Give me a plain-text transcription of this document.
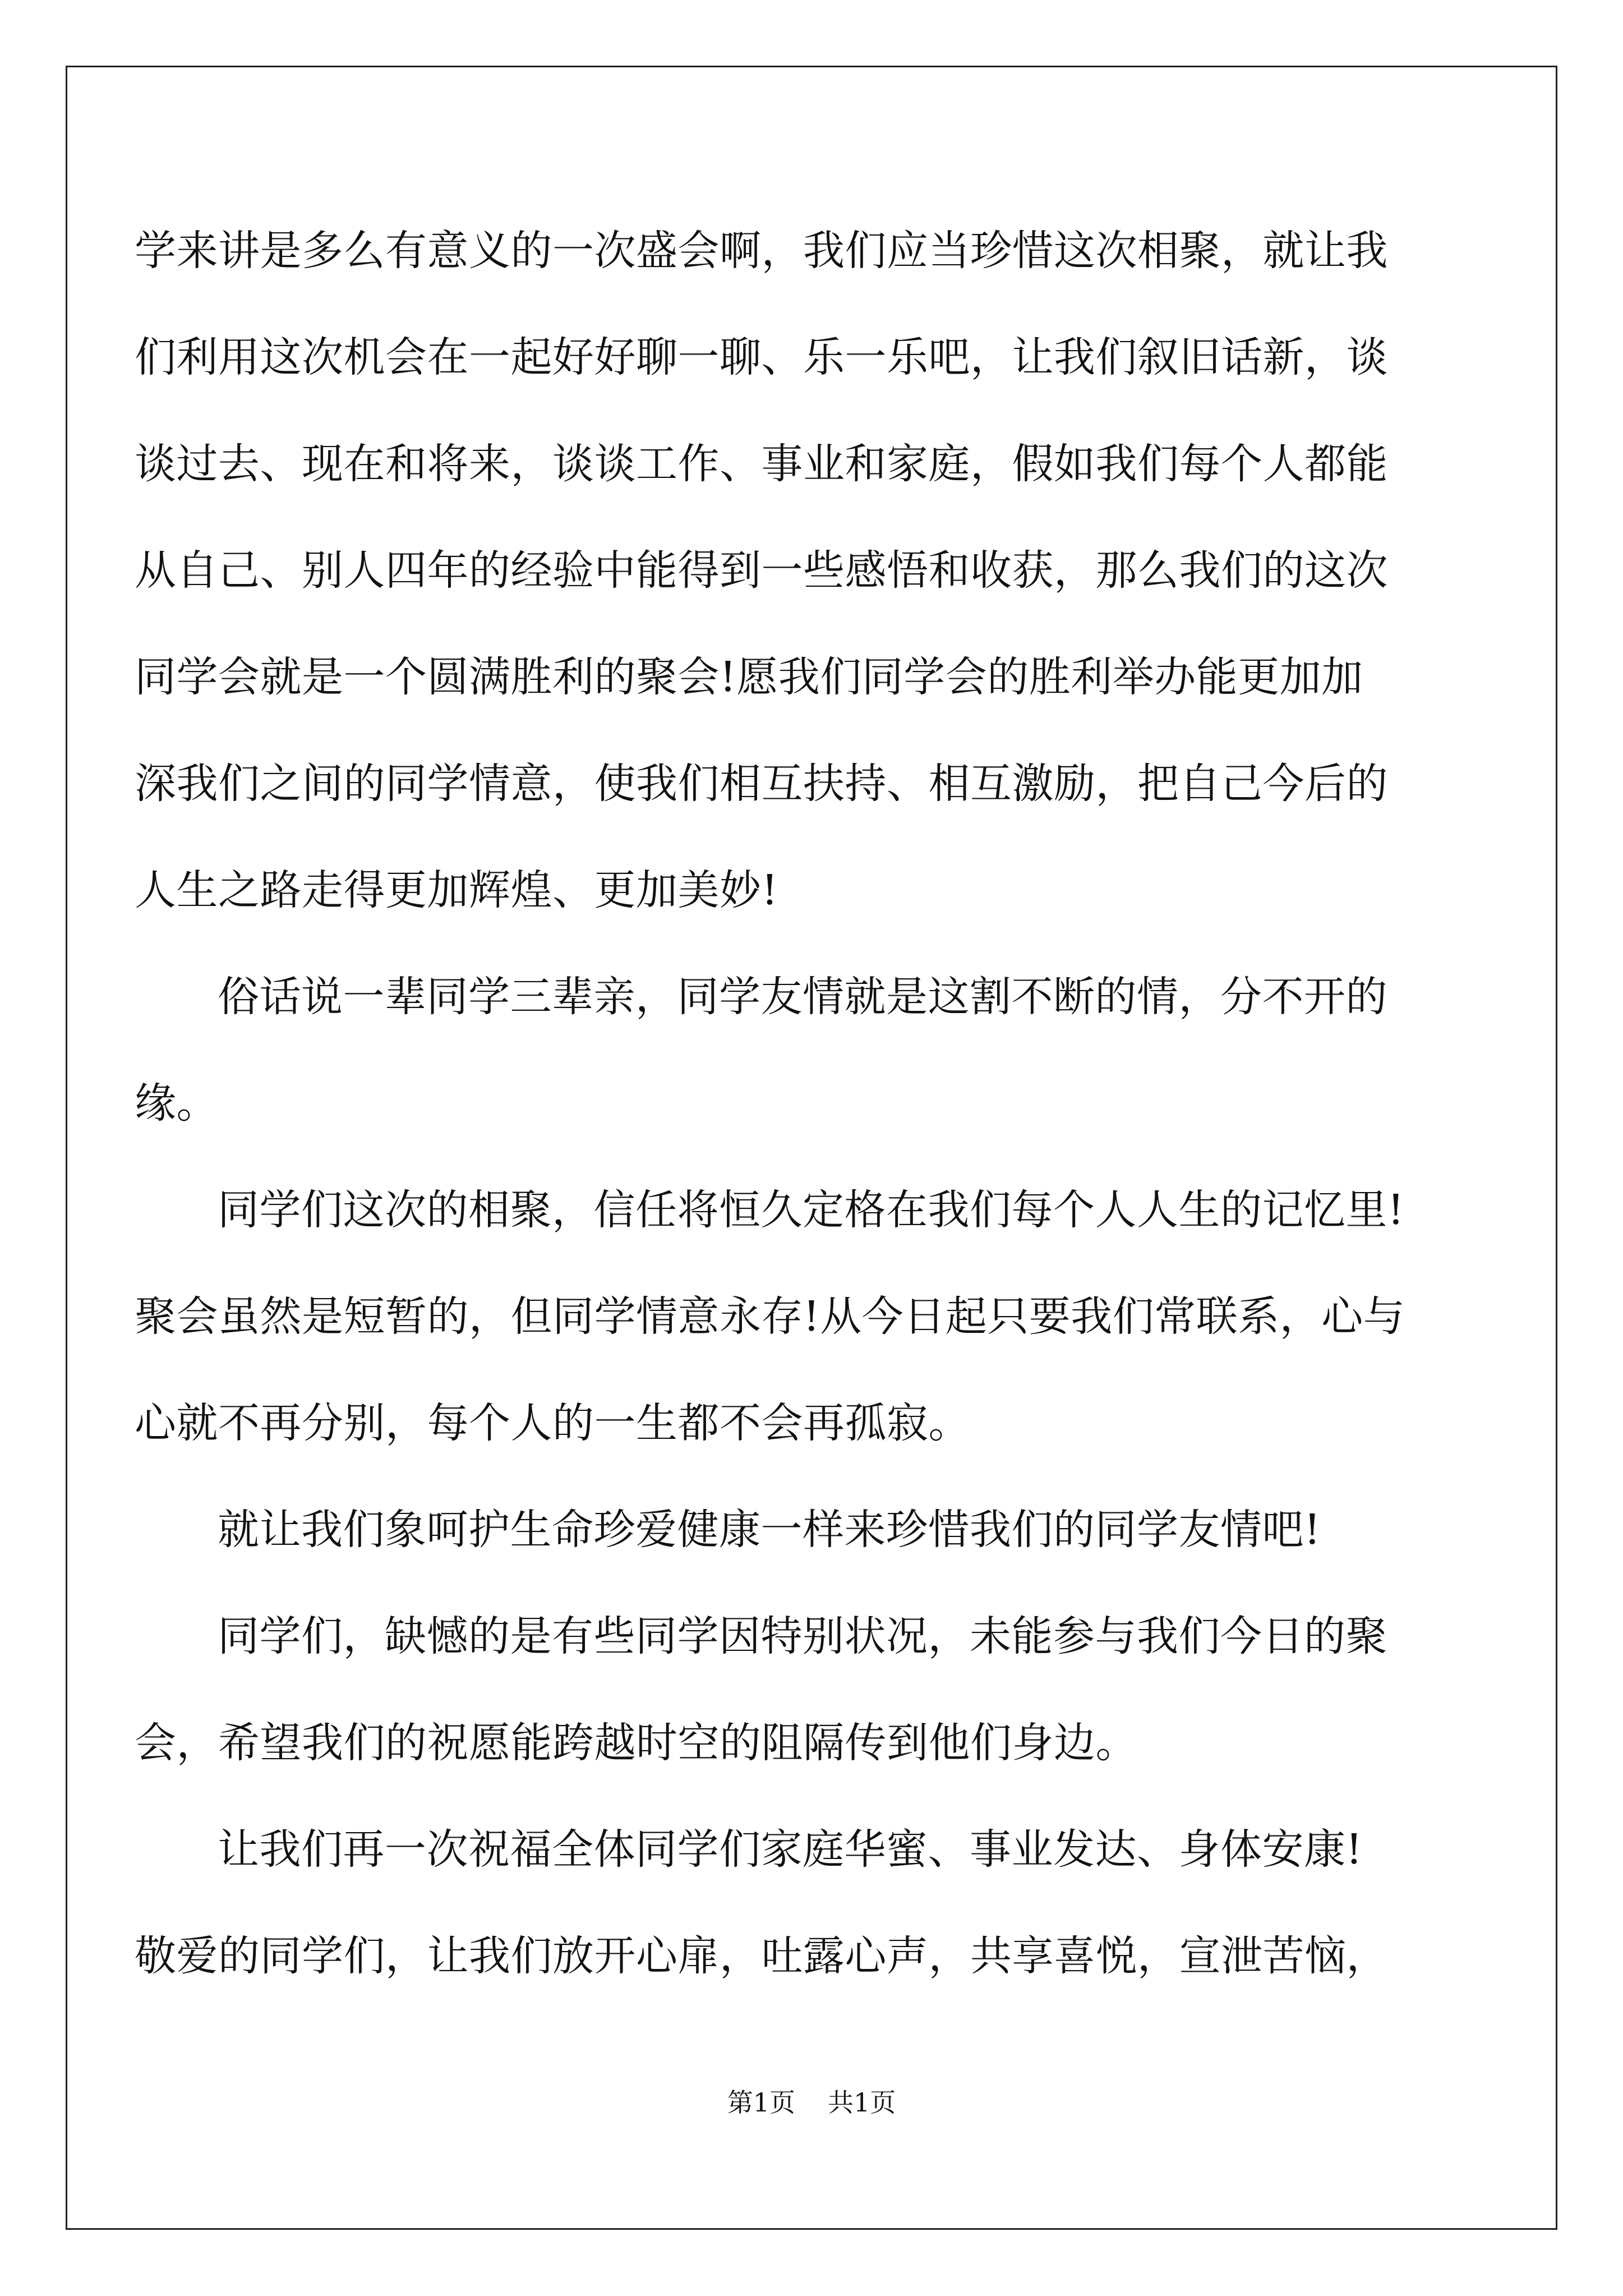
学来讲是多么有意义的一次盛会啊，我们应当珍惜这次相聚，就让我
们利用这次机会在一起好好聊一聊、乐一乐吧，让我们叙旧话新，谈
谈过去、现在和将来，谈谈工作、事业和家庭，假如我们每个人都能
从自己、别人四年的经验中能得到一些感悟和收获，那么我们的这次
同学会就是一个圆满胜利的聚会!愿我们同学会的胜利举办能更加加
深我们之间的同学情意，使我们相互扶持、相互激励，把自己今后的
人生之路走得更加辉煌、更加美妙!
俗话说一辈同学三辈亲，同学友情就是这割不断的情，分不开的
缘。
同学们这次的相聚，信任将恒久定格在我们每个人人生的记忆里!
聚会虽然是短暂的，但同学情意永存!从今日起只要我们常联系，心与
心就不再分别，每个人的一生都不会再孤寂。
就让我们象呵护生命珍爱健康一样来珍惜我们的同学友情吧!
同学们，缺憾的是有些同学因特别状况，未能参与我们今日的聚
会，希望我们的祝愿能跨越时空的阻隔传到他们身边。
让我们再一次祝福全体同学们家庭华蜜、事业发达、身体安康!
敬爱的同学们，让我们放开心扉，吐露心声，共享喜悦，宣泄苦恼，
第1页 共1页
